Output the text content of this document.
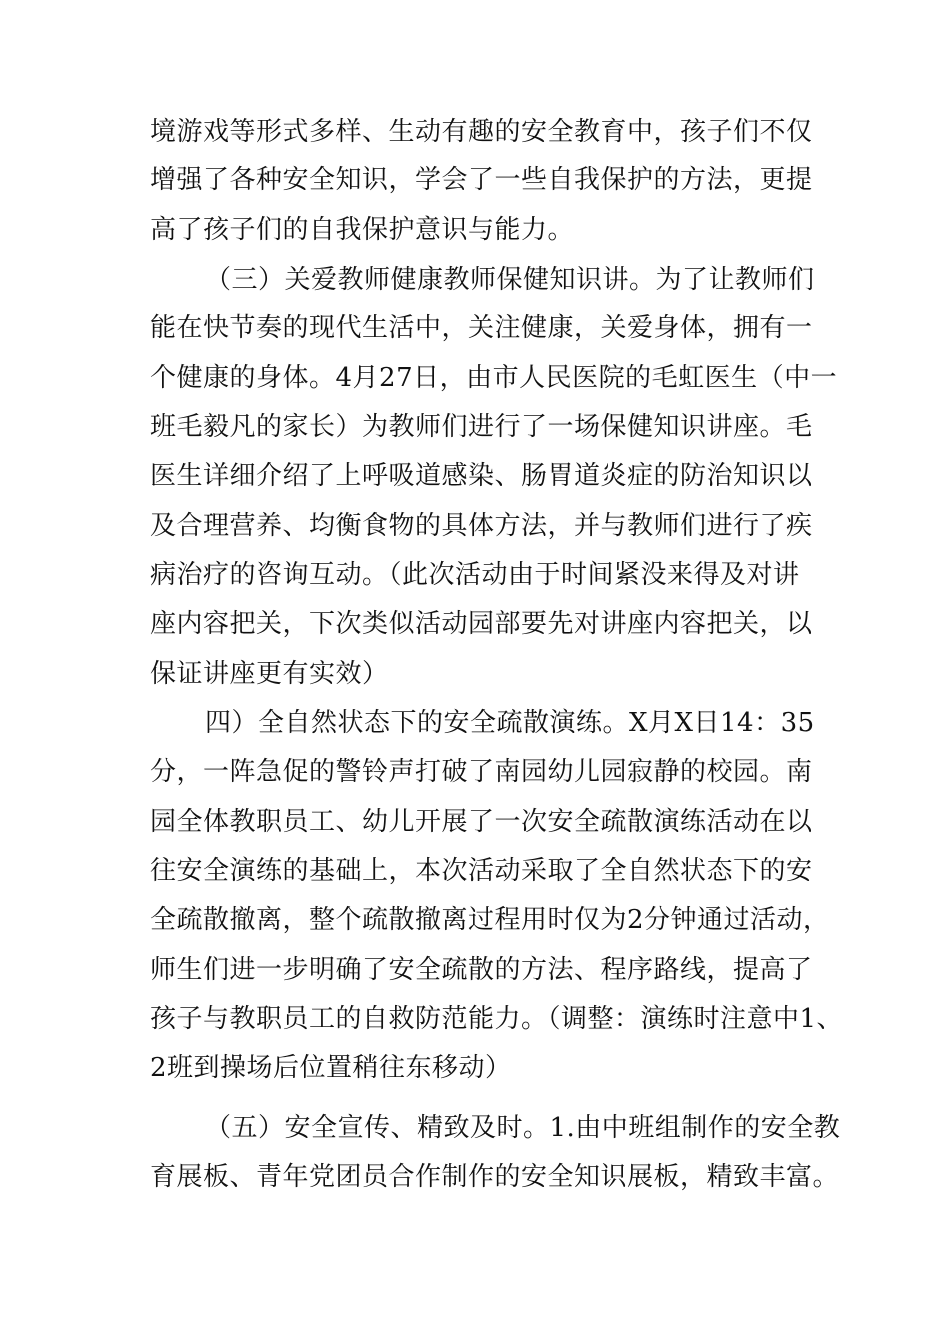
境游戏等形式多样、生动有趣的安全教育中，孩子们不仅
增强了各种安全知识，学会了一些自我保护的方法，更提
高了孩子们的自我保护意识与能力。
（三）关爱教师健康教师保健知识讲。为了让教师们
能在快节奏的现代生活中，关注健康，关爱身体，拥有一
个健康的身体。4月27日，由市人民医院的毛虹医生（中一
班毛毅凡的家长）为教师们进行了一场保健知识讲座。毛
医生详细介绍了上呼吸道感染、肠胃道炎症的防治知识以
及合理营养、均衡食物的具体方法，并与教师们进行了疾
病治疗的咨询互动。（此次活动由于时间紧没来得及对讲
座内容把关，下次类似活动园部要先对讲座内容把关，以
保证讲座更有实效）
四）全自然状态下的安全疏散演练。X月X日14：35
分，一阵急促的警铃声打破了南园幼儿园寂静的校园。南
园全体教职员工、幼儿开展了一次安全疏散演练活动在以
往安全演练的基础上，本次活动采取了全自然状态下的安
全疏散撤离，整个疏散撤离过程用时仅为2分钟通过活动，
师生们进一步明确了安全疏散的方法、程序路线，提高了
孩子与教职员工的自救防范能力。（调整：演练时注意中1、
2班到操场后位置稍往东移动）
（五）安全宣传、精致及时。1.由中班组制作的安全教
育展板、青年党团员合作制作的安全知识展板，精致丰富。
